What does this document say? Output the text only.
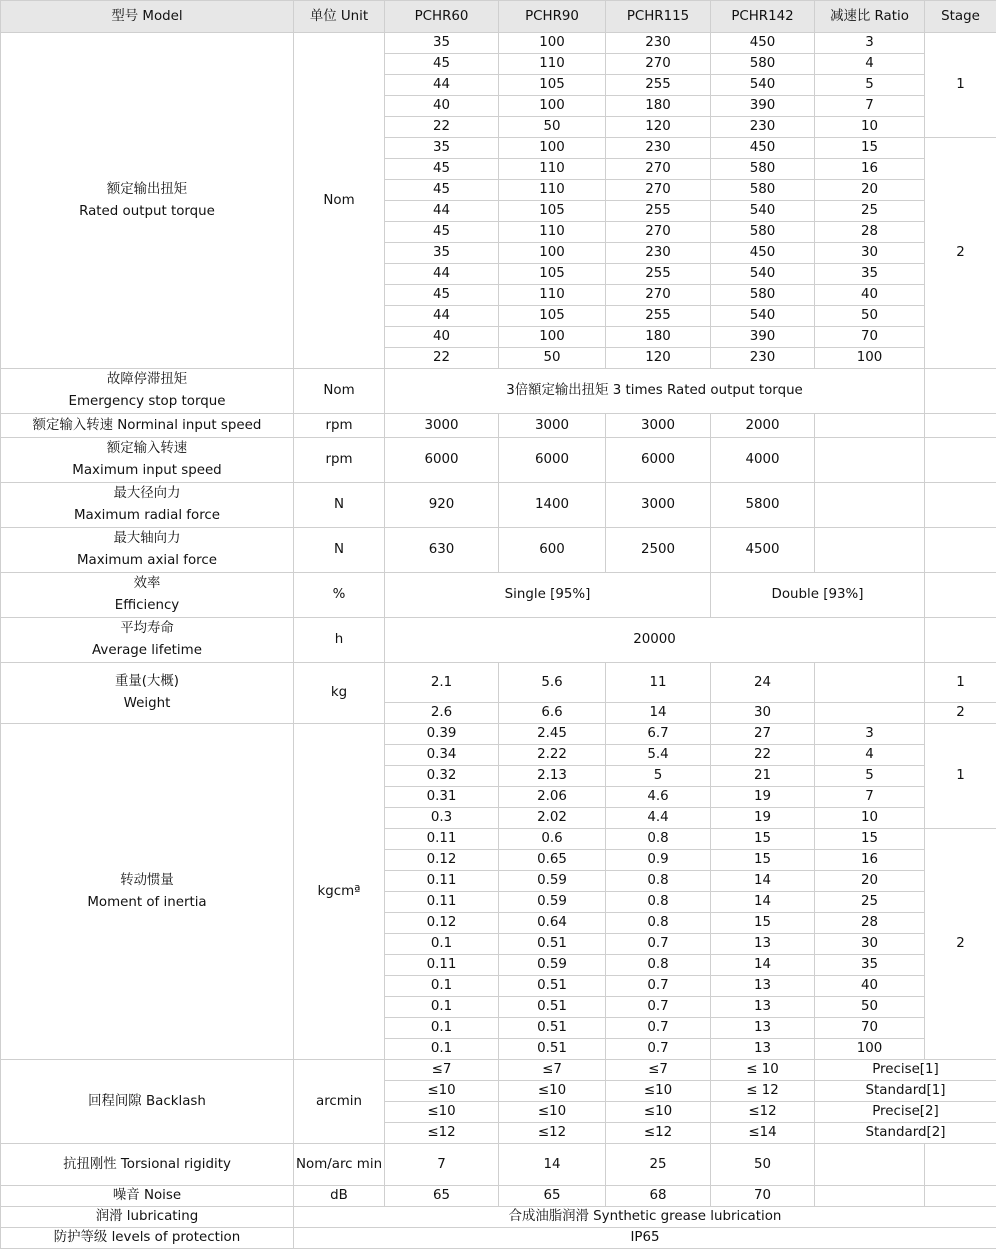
型号 Model	单位 Unit	PCHR60	PCHR90	PCHR115	PCHR142	减速比 Ratio	Stage

额定输出扭矩
Rated output torque	Nom	35	100	230	450	3	1
		45	110	270	580	4	
		44	105	255	540	5	
		40	100	180	390	7	
		22	50	120	230	10	
		35	100	230	450	15	2
		45	110	270	580	16	
		45	110	270	580	20	
		44	105	255	540	25	
		45	110	270	580	28	
		35	100	230	450	30	
		44	105	255	540	35	
		45	110	270	580	40	
		44	105	255	540	50	
		40	100	180	390	70	
		22	50	120	230	100	

故障停滞扭矩
Emergency stop torque	Nom	3倍額定输出扭矩 3 times Rated output torque					
额定输入转速 Norminal input speed	rpm	3000	3000	3000	2000		

额定输入转速
Maximum input speed	rpm	6000	6000	6000	4000		

最大径向力
Maximum radial force	N	920	1400	3000	5800		

最大轴向力
Maximum axial force	N	630	600	2500	4500		

效率
Efficiency	%	Single [95%]			Double [93%]		

平均寿命
Average lifetime	h	20000					

重量(大概)
Weight	kg	2.1	5.6	11	24		1
		2.6	6.6	14	30		2

转动惯量
Moment of inertia	kgcmª	0.39	2.45	6.7	27	3	1
		0.34	2.22	5.4	22	4	
		0.32	2.13	5	21	5	
		0.31	2.06	4.6	19	7	
		0.3	2.02	4.4	19	10	
		0.11	0.6	0.8	15	15	2
		0.12	0.65	0.9	15	16	
		0.11	0.59	0.8	14	20	
		0.11	0.59	0.8	14	25	
		0.12	0.64	0.8	15	28	
		0.1	0.51	0.7	13	30	
		0.11	0.59	0.8	14	35	
		0.1	0.51	0.7	13	40	
		0.1	0.51	0.7	13	50	
		0.1	0.51	0.7	13	70	
		0.1	0.51	0.7	13	100	
回程间隙 Backlash	arcmin	≤7	≤7	≤7	≤ 10	Precise[1]	
		≤10	≤10	≤10	≤ 12	Standard[1]	
		≤10	≤10	≤10	≤12	Precise[2]	
		≤12	≤12	≤12	≤14	Standard[2]	
抗扭刚性 Torsional rigidity	Nom/arc min	7	14	25	50		
噪音 Noise	dB	65	65	68	70		
润滑 lubricating	合成油脂润滑 Synthetic grease lubrication						
防护等级 levels of protection	IP65						
